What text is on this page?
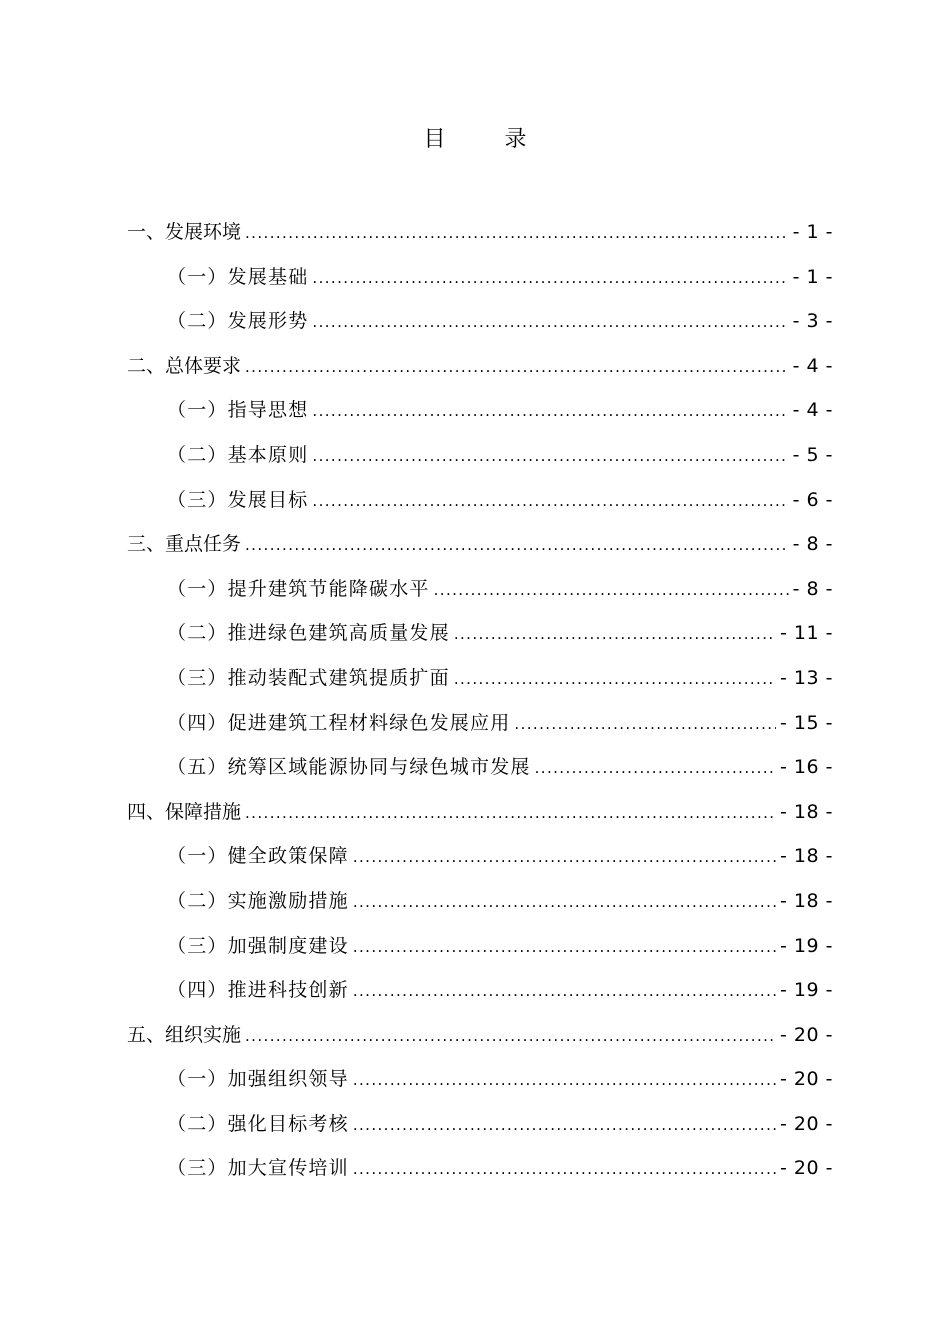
目 录
一、发展环境 .....	- 1 -
（一）发展基础 .....	- 1 -
（二）发展形势 .....	- 3 -
二、总体要求 .....	- 4 -
（一）指导思想 .....	- 4 -
（二）基本原则 .....	- 5 -
（三）发展目标 .....	- 6 -
三、重点任务 .....	- 8 -
（一）提升建筑节能降碳水平 .....	- 8 -
（二）推进绿色建筑高质量发展 .....	- 11 -
（三）推动装配式建筑提质扩面 .....	- 13 -
（四）促进建筑工程材料绿色发展应用 .....	- 15 -
（五）统筹区域能源协同与绿色城市发展 .....	- 16 -
四、保障措施 .....	- 18 -
（一）健全政策保障 .....	- 18 -
（二）实施激励措施 .....	- 18 -
（三）加强制度建设 .....	- 19 -
（四）推进科技创新 .....	- 19 -
五、组织实施 .....	- 20 -
（一）加强组织领导 .....	- 20 -
（二）强化目标考核 .....	- 20 -
（三）加大宣传培训 .....	- 20 -
